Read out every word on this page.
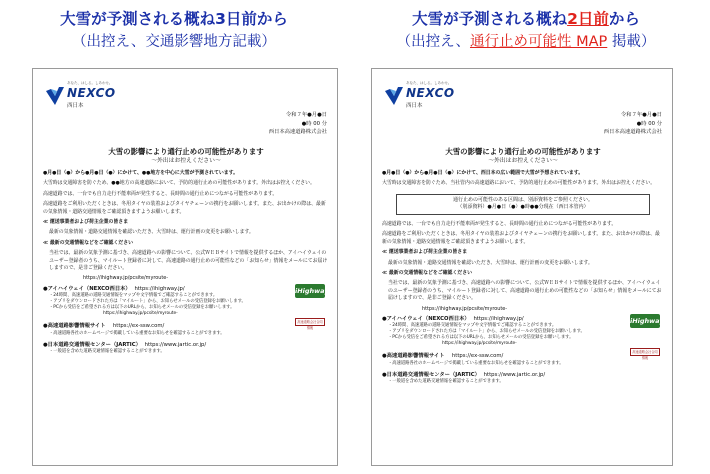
大雪が予測される概ね3日前から
（出控え、交通影響地方記載）
大雪が予測される概ね2日前から
（出控え、通行止め可能性 MAP 掲載）
あなた、はしる。しあわせ。
NEXCO
西日本
令和７年●月●日
●時 00 分
西日本高速道路株式会社
大雪の影響により通行止めの可能性があります
～外出はお控えください～

●月●日（●）から●月●日（●）にかけて、●●地方を中心に大雪が予測されています。

大雪時は交通障害を防ぐため、●●地方の高速道路において、予防的通行止めの可能性があります。外出はお控えください。

高速道路では、一台でも自力走行不能車両が発生すると、長時間の通行止めにつながる可能性があります。

高速道路をご利用いただくときは、冬用タイヤの装着およびタイヤチェーンの携行をお願いします。また、お出かけの際は、最新の気象情報・道路交通情報をご確認頂きますようお願いします。

≪ 運送事業者および荷主企業の皆さま

最新の気象情報・道路交通情報を確認いただき、大雪時は、運行計画の変更をお願いします。

≪ 最新の交通情報などをご確認ください

当社では、最新の気象予測に基づき、高速道路への影響について、公式ＷＥＢサイトで情報を提供するほか、アイハイウェイのユーザー登録者のうち、マイルート登録者に対して、高速道路の通行止めの可能性などの「お知らせ」情報をメールにてお届けしますので、是非ご登録ください。

https://ihighway.jp/pcsite/myroute-

●アイハイウェイ（NEXCO西日本） https://ihighway.jp/
・24時間、高速道路の道路交通情報をマップや文字情報でご確認することができます。
・アプリをダウンロードされた方は「マイルート」から、お知らせメールの受信登録をお願いします。
・PCから受信をご希望される方は以下のURLから、お知らせメールの受信登録をお願いします。
https://ihighway.jp/pcsite/myroute-
iHighway
高速道路会社合同情報
●高速道路影響情報サイト https://ex-ssw.com/
・高速道路各社のホームページで掲載している重要なお知らせを確認することができます。
●日本道路交通情報センター（JARTIC） https://www.jartic.or.jp/
・一般道を含めた道路交通情報を確認することができます。
あなた、はしる。しあわせ。
NEXCO
西日本
令和７年●月●日
●時 00 分
西日本高速道路株式会社
大雪の影響により通行止めの可能性があります
～外出はお控えください～

●月●日（●）から●月●日（●）にかけて、西日本の広い範囲で大雪が予想されています。

大雪時は交通障害を防ぐため、当社管内の高速道路において、予防的通行止めの可能性があります。外出はお控えください。

通行止めの可能性のある区間は、別添資料をご参照ください。
（別添資料）●月●日（●）●時●●分現在（西日本管内）

高速道路では、一台でも自力走行不能車両が発生すると、長時間の通行止めにつながる可能性があります。

高速道路をご利用いただくときは、冬用タイヤの装着およびタイヤチェーンの携行をお願いします。また、お出かけの際は、最新の気象情報・道路交通情報をご確認頂きますようお願いします。

≪ 運送事業者および荷主企業の皆さま

最新の気象情報・道路交通情報を確認いただき、大雪時は、運行計画の変更をお願いします。

≪ 最新の交通情報などをご確認ください

当社では、最新の気象予測に基づき、高速道路への影響について、公式ＷＥＢサイトで情報を提供するほか、アイハイウェイのユーザー登録者のうち、マイルート登録者に対して、高速道路の通行止めの可能性などの「お知らせ」情報をメールにてお届けしますので、是非ご登録ください。

https://ihighway.jp/pcsite/myroute-

●アイハイウェイ（NEXCO西日本） https://ihighway.jp/
・24時間、高速道路の道路交通情報をマップや文字情報でご確認することができます。
・アプリをダウンロードされた方は「マイルート」から、お知らせメールの受信登録をお願いします。
・PCから受信をご希望される方は以下のURLから、お知らせメールの受信登録をお願いします。
https://ihighway.jp/pcsite/myroute-
iHighway
高速道路会社合同情報
●高速道路影響情報サイト https://ex-ssw.com/
・高速道路各社のホームページで掲載している重要なお知らせを確認することができます。
●日本道路交通情報センター（JARTIC） https://www.jartic.or.jp/
・一般道を含めた道路交通情報を確認することができます。
